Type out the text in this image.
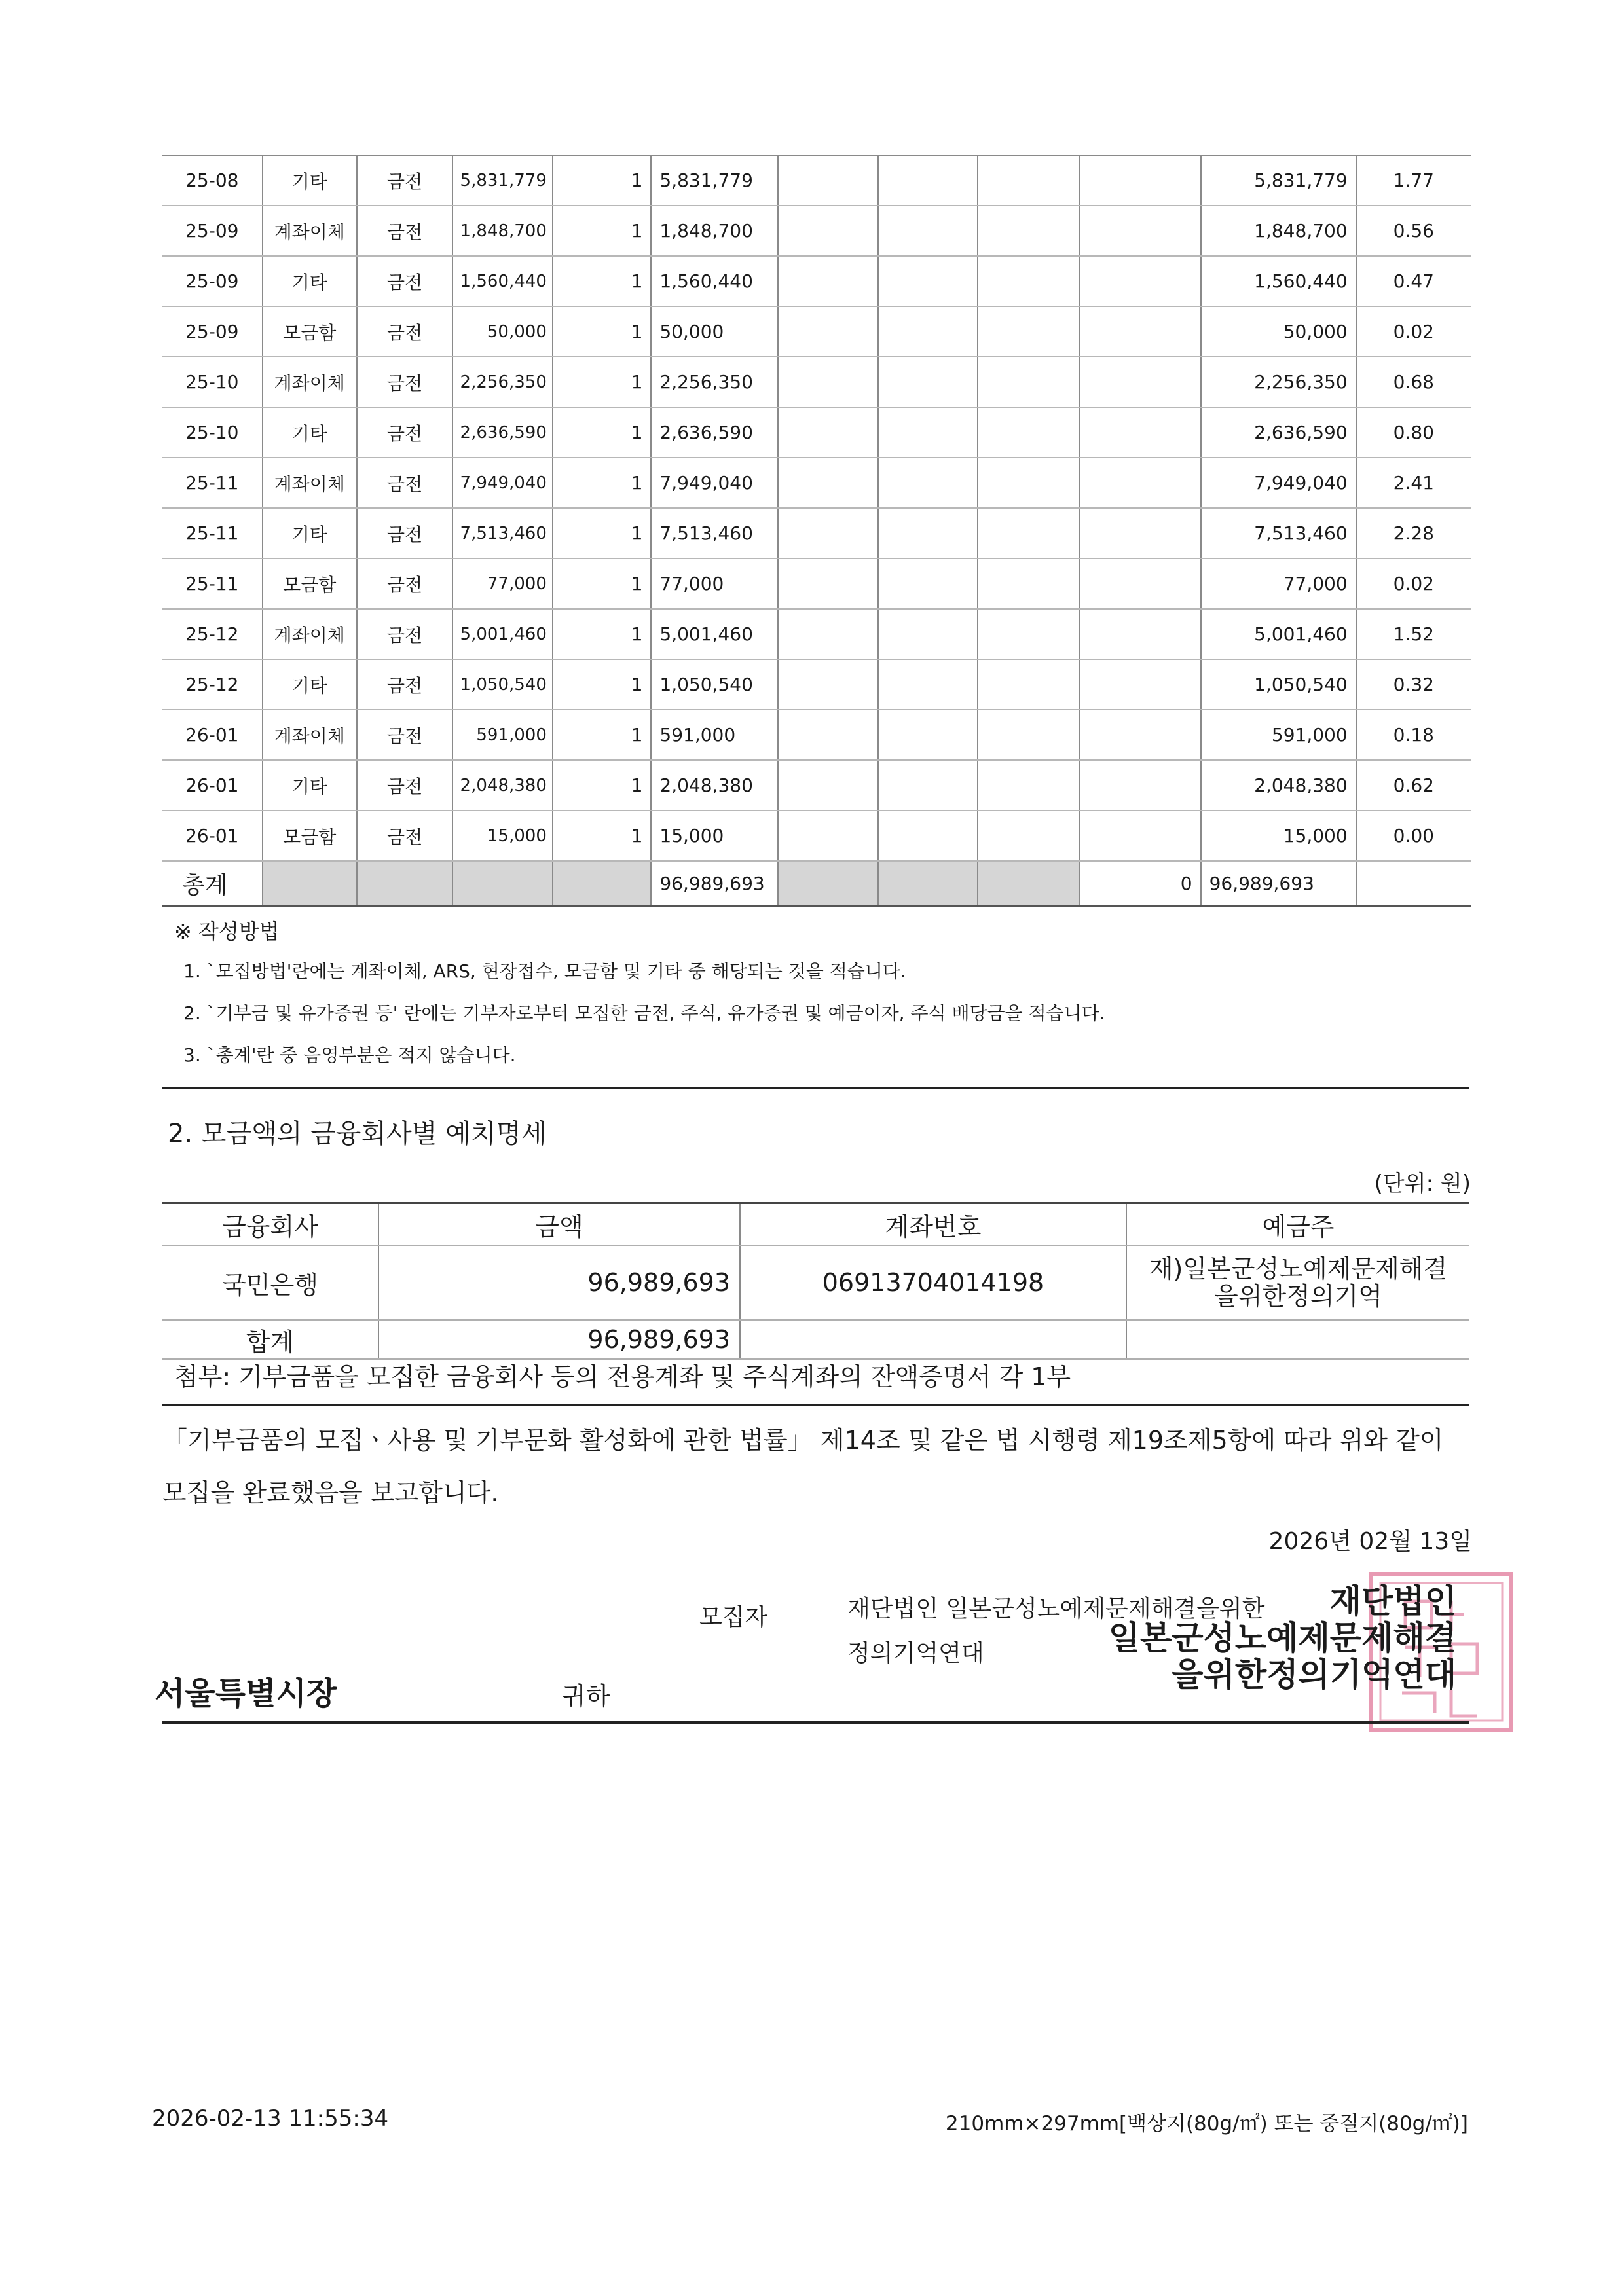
25-08	기타	금전	5,831,779	1	5,831,779					5,831,779	1.77
25-09	계좌이체	금전	1,848,700	1	1,848,700					1,848,700	0.56
25-09	기타	금전	1,560,440	1	1,560,440					1,560,440	0.47
25-09	모금함	금전	50,000	1	50,000					50,000	0.02
25-10	계좌이체	금전	2,256,350	1	2,256,350					2,256,350	0.68
25-10	기타	금전	2,636,590	1	2,636,590					2,636,590	0.80
25-11	계좌이체	금전	7,949,040	1	7,949,040					7,949,040	2.41
25-11	기타	금전	7,513,460	1	7,513,460					7,513,460	2.28
25-11	모금함	금전	77,000	1	77,000					77,000	0.02
25-12	계좌이체	금전	5,001,460	1	5,001,460					5,001,460	1.52
25-12	기타	금전	1,050,540	1	1,050,540					1,050,540	0.32
26-01	계좌이체	금전	591,000	1	591,000					591,000	0.18
26-01	기타	금전	2,048,380	1	2,048,380					2,048,380	0.62
26-01	모금함	금전	15,000	1	15,000					15,000	0.00
총계					96,989,693				0	96,989,693	
※ 작성방법
1. `모집방법'란에는 계좌이체, ARS, 현장접수, 모금함 및 기타 중 해당되는 것을 적습니다.
2. `기부금 및 유가증권 등' 란에는 기부자로부터 모집한 금전, 주식, 유가증권 및 예금이자, 주식 배당금을 적습니다.
3. `총계'란 중 음영부분은 적지 않습니다.
2. 모금액의 금융회사별 예치명세
(단위: 원)
금융회사	금액	계좌번호	예금주
국민은행	96,989,693	06913704014198	재)일본군성노예제문제해결
을위한정의기억

합계	96,989,693		
첨부: 기부금품을 모집한 금융회사 등의 전용계좌 및 주식계좌의 잔액증명서 각 1부
「기부금품의 모집ㆍ사용 및 기부문화 활성화에 관한 법률」 제14조 및 같은 법 시행령 제19조제5항에 따라 위와 같이 모집을 완료했음을 보고합니다.
2026년 02월 13일
모집자	재단법인 일본군성노예제문제해결을위한
정의기억연대
재단법인
일본군성노예제문제해결
을위한정의기억연대
서울특별시장	귀하
2026-02-13 11:55:34	210mm×297mm[백상지(80g/㎡) 또는 중질지(80g/㎡)]
